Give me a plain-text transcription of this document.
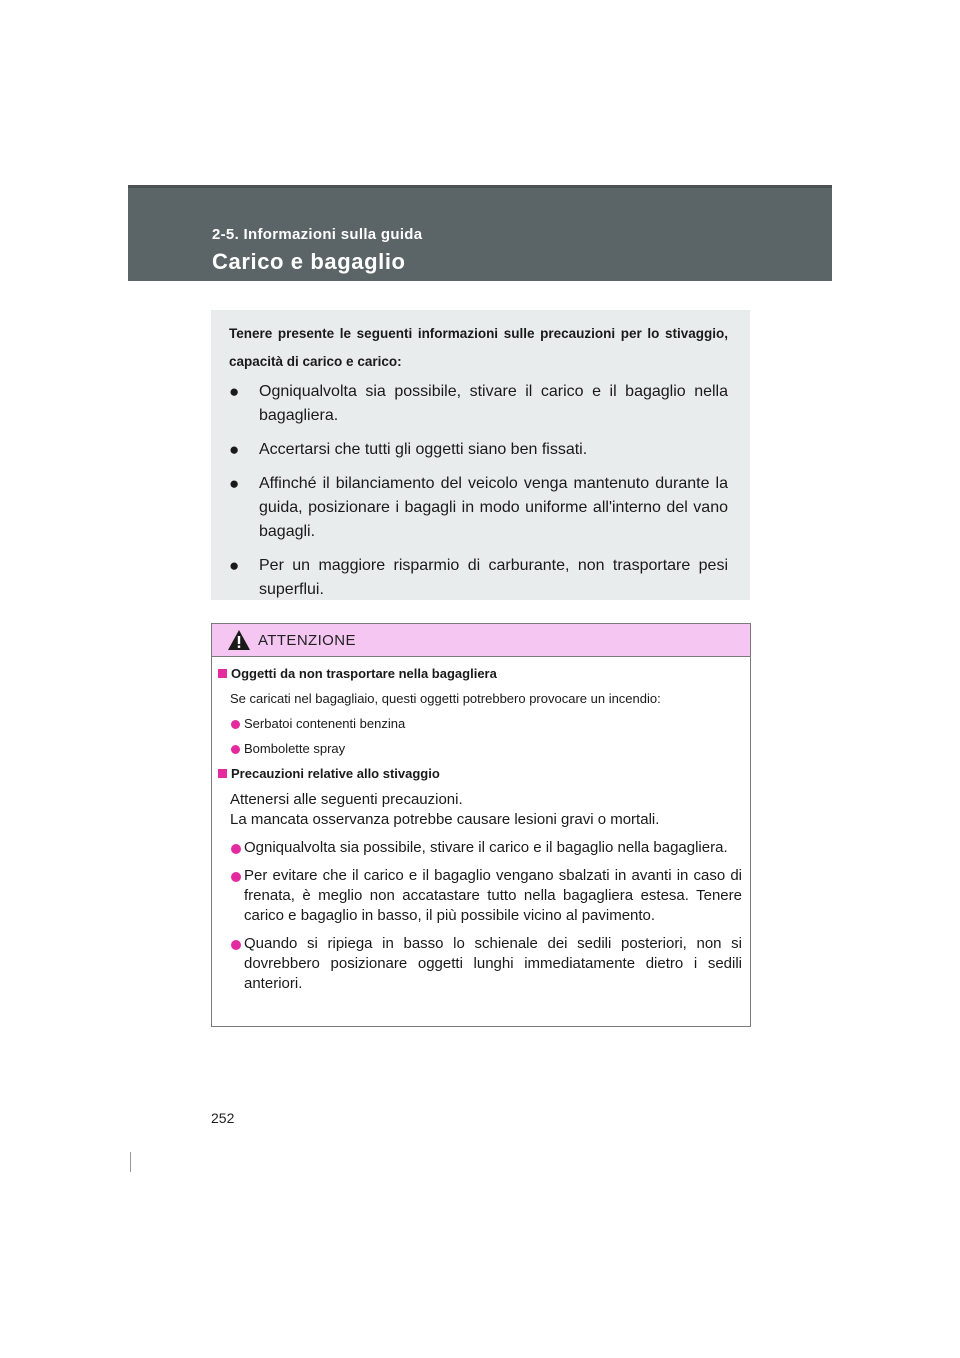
2-5. Informazioni sulla guida
Carico e bagaglio

Tenere presente le seguenti informazioni sulle precauzioni per lo stivaggio, capacità di carico e carico:

● Ogniqualvolta sia possibile, stivare il carico e il bagaglio nella bagagliera.
● Accertarsi che tutti gli oggetti siano ben fissati.
● Affinché il bilanciamento del veicolo venga mantenuto durante la guida, posizionare i bagagli in modo uniforme all'interno del vano bagagli.
● Per un maggiore risparmio di carburante, non trasportare pesi superflui.
ATTENZIONE
Oggetti da non trasportare nella bagagliera
Se caricati nel bagagliaio, questi oggetti potrebbero provocare un incendio:
Serbatoi contenenti benzina
Bombolette spray
Precauzioni relative allo stivaggio
Attenersi alle seguenti precauzioni.
La mancata osservanza potrebbe causare lesioni gravi o mortali.
Ogniqualvolta sia possibile, stivare il carico e il bagaglio nella bagagliera.
Per evitare che il carico e il bagaglio vengano sbalzati in avanti in caso di frenata, è meglio non accatastare tutto nella bagagliera estesa. Tenere carico e bagaglio in basso, il più possibile vicino al pavimento.
Quando si ripiega in basso lo schienale dei sedili posteriori, non si dovrebbero posizionare oggetti lunghi immediatamente dietro i sedili anteriori.
252
